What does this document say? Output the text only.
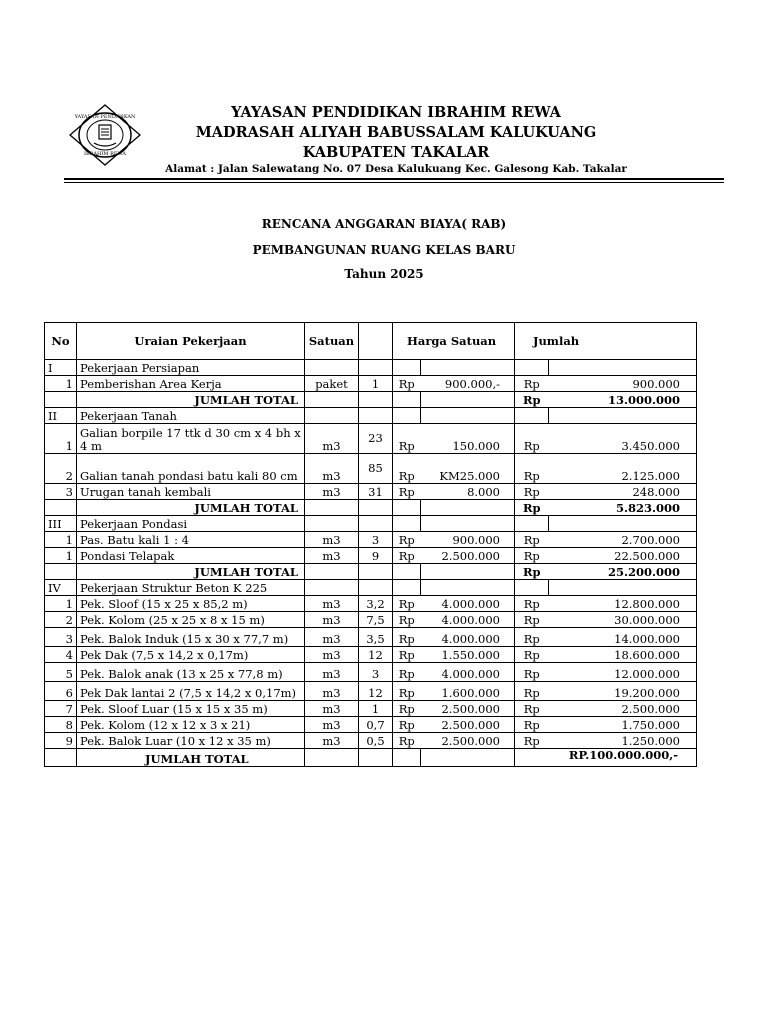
YAYASAN PENDIDIKAN
IBRAHIM REWA
YAYASAN PENDIDIKAN IBRAHIM REWA
MADRASAH ALIYAH BABUSSALAM KALUKUANG
KABUPATEN TAKALAR
Alamat : Jalan Salewatang No. 07 Desa Kalukuang Kec. Galesong Kab. Takalar
RENCANA ANGGARAN BIAYA( RAB)
PEMBANGUNAN RUANG KELAS BARU
Tahun 2025
No	Uraian Pekerjaan	Satuan		Harga Satuan		Jumlah	
I	Pekerjaan Persiapan						
1	Pemberishan Area Kerja	paket	1	Rp	900.000,-	Rp	900.000
	JUMLAH TOTAL					Rp	13.000.000
II	Pekerjaan Tanah						
1	Galian borpile 17 ttk d 30 cm x 4 bh x 4 m	m3	23	Rp	150.000	Rp	3.450.000
2	Galian tanah pondasi batu kali 80 cm	m3	85	Rp	KM25.000	Rp	2.125.000
3	Urugan tanah kembali	m3	31	Rp	8.000	Rp	248.000
	JUMLAH TOTAL					Rp	5.823.000
III	Pekerjaan Pondasi						
1	Pas. Batu kali 1 : 4	m3	3	Rp	900.000	Rp	2.700.000
1	Pondasi Telapak	m3	9	Rp	2.500.000	Rp	22.500.000
	JUMLAH TOTAL					Rp	25.200.000
IV	Pekerjaan Struktur Beton K 225						
1	Pek. Sloof (15 x 25 x 85,2 m)	m3	3,2	Rp	4.000.000	Rp	12.800.000
2	Pek. Kolom (25 x 25 x 8 x 15 m)	m3	7,5	Rp	4.000.000	Rp	30.000.000
3	Pek. Balok Induk (15 x 30 x 77,7 m)	m3	3,5	Rp	4.000.000	Rp	14.000.000
4	Pek Dak (7,5 x 14,2 x 0,17m)	m3	12	Rp	1.550.000	Rp	18.600.000
5	Pek. Balok anak (13 x 25 x 77,8 m)	m3	3	Rp	4.000.000	Rp	12.000.000
6	Pek Dak lantai 2 (7,5 x 14,2 x 0,17m)	m3	12	Rp	1.600.000	Rp	19.200.000
7	Pek. Sloof Luar (15 x 15 x 35 m)	m3	1	Rp	2.500.000	Rp	2.500.000
8	Pek. Kolom (12 x 12 x 3 x 21)	m3	0,7	Rp	2.500.000	Rp	1.750.000
9	Pek. Balok Luar (10 x 12 x 35 m)	m3	0,5	Rp	2.500.000	Rp	1.250.000
	JUMLAH TOTAL					RP.100.000.000,-	
